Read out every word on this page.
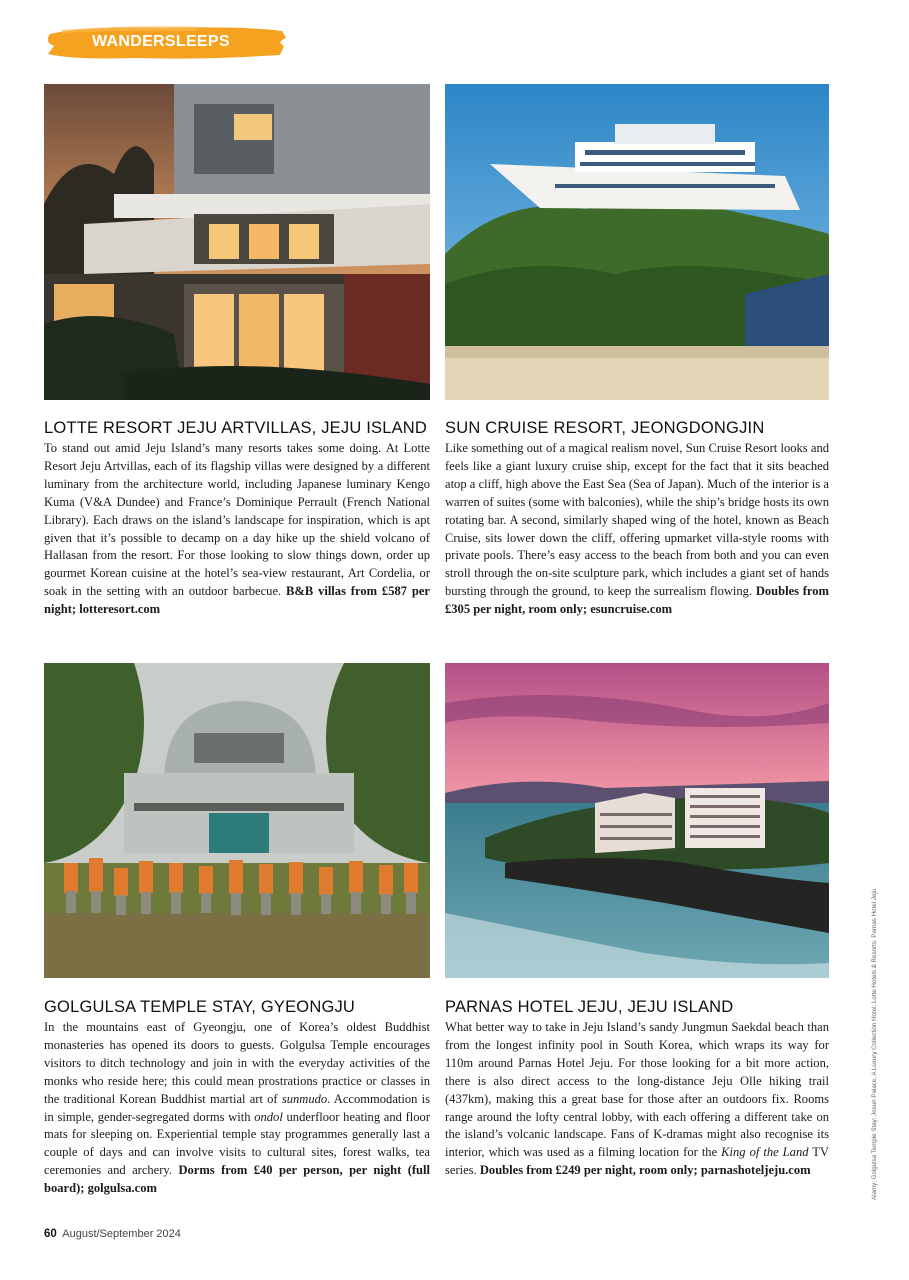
WANDERSLEEPS
LOTTE RESORT JEJU ARTVILLAS, JEJU ISLAND

To stand out amid Jeju Island’s many resorts takes some doing. At Lotte Resort Jeju Artvillas, each of its flagship villas were designed by a different luminary from the architecture world, including Japanese luminary Kengo Kuma (V&A Dundee) and France’s Dominique Perrault (French National Library). Each draws on the island’s landscape for inspiration, which is apt given that it’s possible to decamp on a day hike up the shield volcano of Hallasan from the resort. For those looking to slow things down, order up gourmet Korean cuisine at the hotel’s sea-view restaurant, Art Cordelia, or soak in the setting with an outdoor barbecue. B&B villas from £587 per night; lotteresort.com

SUN CRUISE RESORT, JEONGDONGJIN

Like something out of a magical realism novel, Sun Cruise Resort looks and feels like a giant luxury cruise ship, except for the fact that it sits beached atop a cliff, high above the East Sea (Sea of Japan). Much of the interior is a warren of suites (some with balconies), while the ship’s bridge hosts its own rotating bar. A second, similarly shaped wing of the hotel, known as Beach Cruise, sits lower down the cliff, offering upmarket villa-style rooms with private pools. There’s easy access to the beach from both and you can even stroll through the on-site sculpture park, which includes a giant set of hands bursting through the ground, to keep the surrealism flowing. Doubles from £305 per night, room only; esuncruise.com

GOLGULSA TEMPLE STAY, GYEONGJU

In the mountains east of Gyeongju, one of Korea’s oldest Buddhist monasteries has opened its doors to guests. Golgulsa Temple encourages visitors to ditch technology and join in with the everyday activities of the monks who reside here; this could mean prostrations practice or classes in the traditional Korean Buddhist martial art of sunmudo. Accommodation is in simple, gender-segregated dorms with ondol underfloor heating and floor mats for sleeping on. Experiential temple stay programmes generally last a couple of days and can involve visits to cultural sites, forest walks, tea ceremonies and archery. Dorms from £40 per person, per night (full board); golgulsa.com

PARNAS HOTEL JEJU, JEJU ISLAND

What better way to take in Jeju Island’s sandy Jungmun Saekdal beach than from the longest infinity pool in South Korea, which wraps its way for 110m around Parnas Hotel Jeju. For those looking for a bit more action, there is also direct access to the long-distance Jeju Olle hiking trail (437km), making this a great base for those after an outdoors fix. Rooms range around the lofty central lobby, with each offering a different take on the island’s volcanic landscape. Fans of K-dramas might also recognise its interior, which was used as a filming location for the King of the Land TV series. Doubles from £249 per night, room only; parnashoteljeju.com	Alamy; Golgulsa Temple Stay; Josun Palace, A Luxury Collection Hotel; Lotte Hotels & Resorts; Parnas Hotel Jeju
60 August/September 2024
